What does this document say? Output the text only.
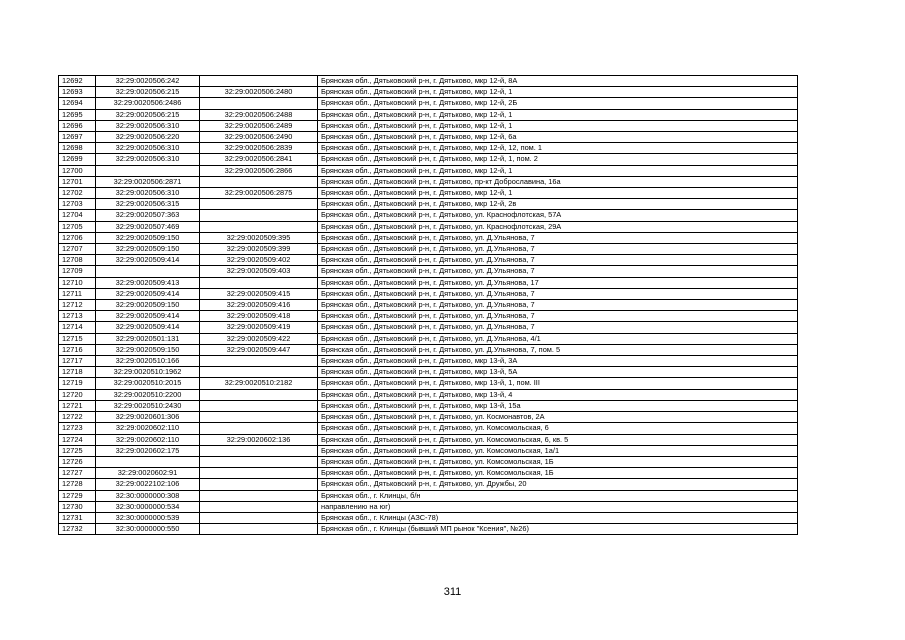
12692	32:29:0020506:242		Брянская обл., Дятьковский р-н, г. Дятьково, мкр 12-й, 8А
12693	32:29:0020506:215	32:29:0020506:2480	Брянская обл., Дятьковский р-н, г. Дятьково, мкр 12-й, 1
12694	32:29:0020506:2486		Брянская обл., Дятьковский р-н, г. Дятьково, мкр 12-й, 2Б
12695	32:29:0020506:215	32:29:0020506:2488	Брянская обл., Дятьковский р-н, г. Дятьково, мкр 12-й, 1
12696	32:29:0020506:310	32:29:0020506:2489	Брянская обл., Дятьковский р-н, г. Дятьково, мкр 12-й, 1
12697	32:29:0020506:220	32:29:0020506:2490	Брянская обл., Дятьковский р-н, г. Дятьково, мкр 12-й, 6а
12698	32:29:0020506:310	32:29:0020506:2839	Брянская обл., Дятьковский р-н, г. Дятьково, мкр 12-й, 12, пом. 1
12699	32:29:0020506:310	32:29:0020506:2841	Брянская обл., Дятьковский р-н, г. Дятьково, мкр 12-й, 1, пом. 2
12700		32:29:0020506:2866	Брянская обл., Дятьковский р-н, г. Дятьково, мкр 12-й, 1
12701	32:29:0020506:2871		Брянская обл., Дятьковский р-н, г. Дятьково, пр-кт Доброславина, 16а
12702	32:29:0020506:310	32:29:0020506:2875	Брянская обл., Дятьковский р-н, г. Дятьково, мкр 12-й, 1
12703	32:29:0020506:315		Брянская обл., Дятьковский р-н, г. Дятьково, мкр 12-й, 2в
12704	32:29:0020507:363		Брянская обл., Дятьковский р-н, г. Дятьково, ул. Краснофлотская, 57А
12705	32:29:0020507:469		Брянская обл., Дятьковский р-н, г. Дятьково, ул. Краснофлотская, 29А
12706	32:29:0020509:150	32:29:0020509:395	Брянская обл., Дятьковский р-н, г. Дятьково, ул. Д.Ульянова, 7
12707	32:29:0020509:150	32:29:0020509:399	Брянская обл., Дятьковский р-н, г. Дятьково, ул. Д.Ульянова, 7
12708	32:29:0020509:414	32:29:0020509:402	Брянская обл., Дятьковский р-н, г. Дятьково, ул. Д.Ульянова, 7
12709		32:29:0020509:403	Брянская обл., Дятьковский р-н, г. Дятьково, ул. Д.Ульянова, 7
12710	32:29:0020509:413		Брянская обл., Дятьковский р-н, г. Дятьково, ул. Д.Ульянова, 17
12711	32:29:0020509:414	32:29:0020509:415	Брянская обл., Дятьковский р-н, г. Дятьково, ул. Д.Ульянова, 7
12712	32:29:0020509:150	32:29:0020509:416	Брянская обл., Дятьковский р-н, г. Дятьково, ул. Д.Ульянова, 7
12713	32:29:0020509:414	32:29:0020509:418	Брянская обл., Дятьковский р-н, г. Дятьково, ул. Д.Ульянова, 7
12714	32:29:0020509:414	32:29:0020509:419	Брянская обл., Дятьковский р-н, г. Дятьково, ул. Д.Ульянова, 7
12715	32:29:0020501:131	32:29:0020509:422	Брянская обл., Дятьковский р-н, г. Дятьково, ул. Д.Ульянова, 4/1
12716	32:29:0020509:150	32:29:0020509:447	Брянская обл., Дятьковский р-н, г. Дятьково, ул. Д.Ульянова, 7, пом. 5
12717	32:29:0020510:166		Брянская обл., Дятьковский р-н, г. Дятьково, мкр 13-й, 3А
12718	32:29:0020510:1962		Брянская обл., Дятьковский р-н, г. Дятьково, мкр 13-й, 5А
12719	32:29:0020510:2015	32:29:0020510:2182	Брянская обл., Дятьковский р-н, г. Дятьково, мкр 13-й, 1, пом. III
12720	32:29:0020510:2200		Брянская обл., Дятьковский р-н, г. Дятьково, мкр 13-й, 4
12721	32:29:0020510:2430		Брянская обл., Дятьковский р-н, г. Дятьково, мкр 13-й, 15а
12722	32:29:0020601:306		Брянская обл., Дятьковский р-н, г. Дятьково, ул. Космонавтов, 2А
12723	32:29:0020602:110		Брянская обл., Дятьковский р-н, г. Дятьково, ул. Комсомольская, 6
12724	32:29:0020602:110	32:29:0020602:136	Брянская обл., Дятьковский р-н, г. Дятьково, ул. Комсомольская, 6, кв. 5
12725	32:29:0020602:175		Брянская обл., Дятьковский р-н, г. Дятьково, ул. Комсомольская, 1а/1
12726			Брянская обл., Дятьковский р-н, г. Дятьково, ул. Комсомольская, 1Б
12727	32:29:0020602:91		Брянская обл., Дятьковский р-н, г. Дятьково, ул. Комсомольская, 1Б
12728	32:29:0022102:106		Брянская обл., Дятьковский р-н, г. Дятьково, ул. Дружбы, 20
12729	32:30:0000000:308		Брянская обл., г. Клинцы, б/н
12730	32:30:0000000:534		направлению на юг)
12731	32:30:0000000:539		Брянская обл., г. Клинцы (АЗС-78)
12732	32:30:0000000:550		Брянская обл., г. Клинцы (бывший МП рынок "Ксения", №26)
311
